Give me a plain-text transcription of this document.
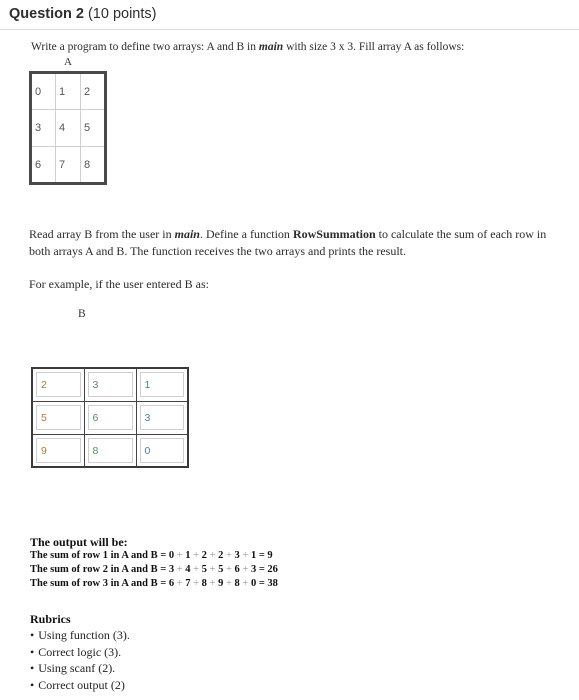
Question 2 (10 points)
Write a program to define two arrays: A and B in main with size 3 x 3. Fill array A as follows:
A
0	1	2
3	4	5
6	7	8
Read array B from the user in main. Define a function RowSummation to calculate the sum of each row in both arrays A and B. The function receives the two arrays and prints the result.
For example, if the user entered B as:
B
2	3	1

5	6	3

9	8	0
The output will be:
The sum of row 1 in A and B = 0 + 1 + 2 + 2 + 3 + 1 = 9
The sum of row 2 in A and B = 3 + 4 + 5 + 5 + 6 + 3 = 26
The sum of row 3 in A and B = 6 + 7 + 8 + 9 + 8 + 0 = 38
Rubrics
• Using function (3).
• Correct logic (3).
• Using scanf (2).
• Correct output (2)
